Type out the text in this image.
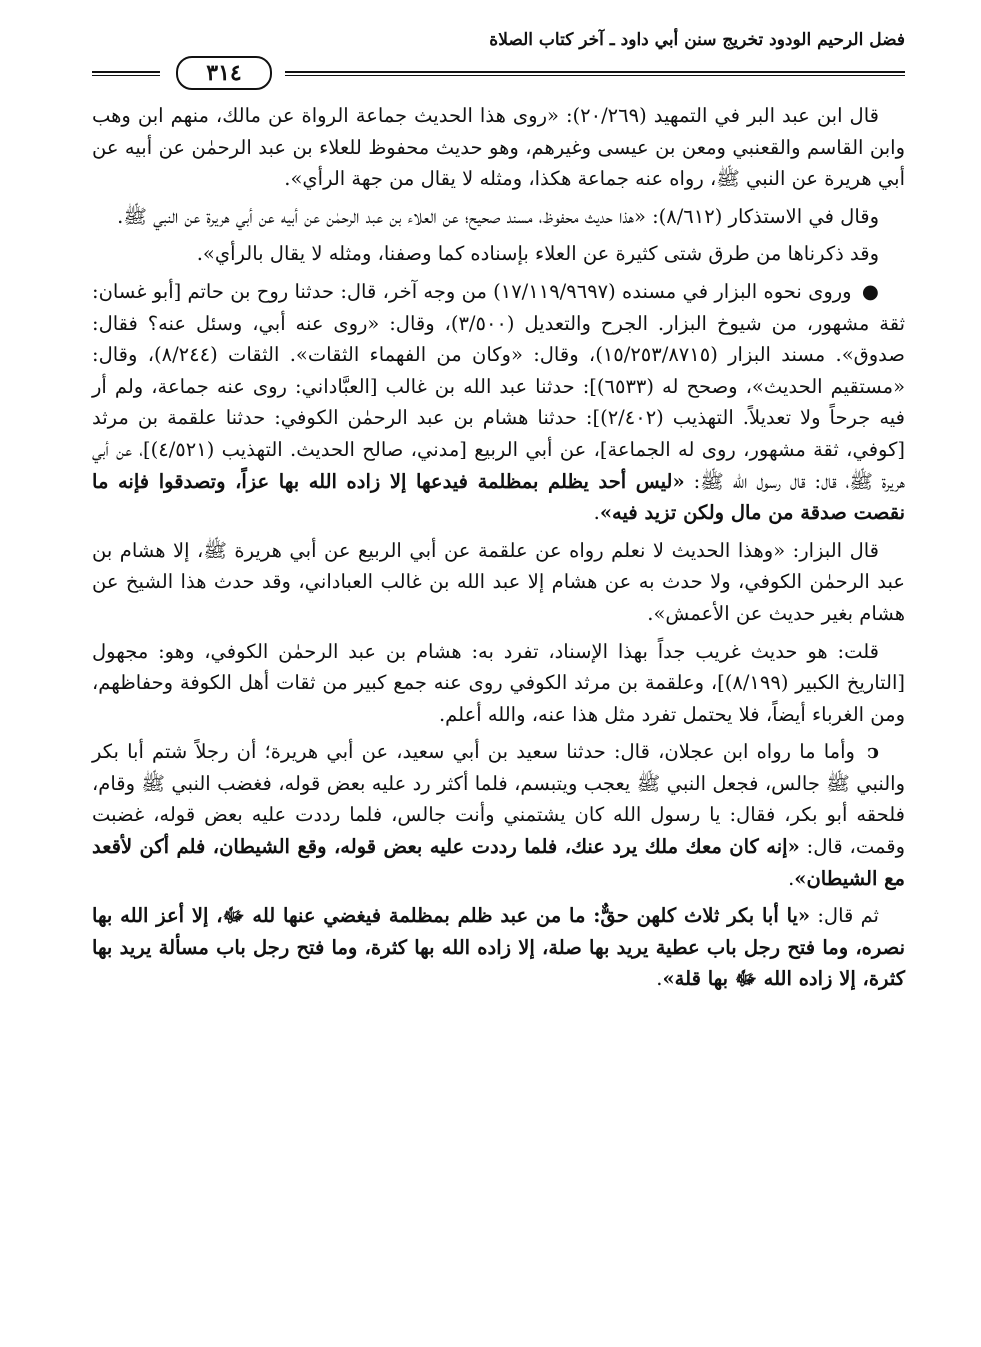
فضل الرحيم الودود تخريج سنن أبي داود ـ آخر كتاب الصلاة
٣١٤

قال ابن عبد البر في التمهيد (٢٠/٢٦٩): «روى هذا الحديث جماعة الرواة عن مالك، منهم ابن وهب وابن القاسم والقعنبي ومعن بن عيسى وغيرهم، وهو حديث محفوظ للعلاء بن عبد الرحمٰن عن أبيه عن أبي هريرة عن النبي ﷺ، رواه عنه جماعة هكذا، ومثله لا يقال من جهة الرأي».

وقال في الاستذكار (٨/٦١٢): «هذا حديث محفوظ، مسند صحيح؛ عن العلاء بن عبد الرحمٰن عن أبيه عن أبي هريرة عن النبي ﷺ.

وقد ذكرناها من طرق شتى كثيرة عن العلاء بإسناده كما وصفنا، ومثله لا يقال بالرأي».

● وروى نحوه البزار في مسنده (١٧/١١٩/٩٦٩٧) من وجه آخر، قال: حدثنا روح بن حاتم [أبو غسان: ثقة مشهور، من شيوخ البزار. الجرح والتعديل (٣/٥٠٠)، وقال: «روى عنه أبي، وسئل عنه؟ فقال: صدوق». مسند البزار (١٥/٢٥٣/٨٧١٥)، وقال: «وكان من الفهماء الثقات». الثقات (٨/٢٤٤)، وقال: «مستقيم الحديث»، وصحح له (٦٥٣٣)]: حدثنا عبد الله بن غالب [العبَّاداني: روى عنه جماعة، ولم أر فيه جرحاً ولا تعديلاً. التهذيب (٢/٤٠٢)]: حدثنا هشام بن عبد الرحمٰن الكوفي: حدثنا علقمة بن مرثد [كوفي، ثقة مشهور، روى له الجماعة]، عن أبي الربيع [مدني، صالح الحديث. التهذيب (٤/٥٢١)]، عن أبي هريرة ﷺ، قال: قال رسول الله ﷺ: «ليس أحد يظلم بمظلمة فيدعها إلا زاده الله بها عزاً، وتصدقوا فإنه ما نقصت صدقة من مال ولكن تزيد فيه».

قال البزار: «وهذا الحديث لا نعلم رواه عن علقمة عن أبي الربيع عن أبي هريرة ﷺ، إلا هشام بن عبد الرحمٰن الكوفي، ولا حدث به عن هشام إلا عبد الله بن غالب العباداني، وقد حدث هذا الشيخ عن هشام بغير حديث عن الأعمش».

قلت: هو حديث غريب جداً بهذا الإسناد، تفرد به: هشام بن عبد الرحمٰن الكوفي، وهو: مجهول [التاريخ الكبير (٨/١٩٩)]، وعلقمة بن مرثد الكوفي روى عنه جمع كبير من ثقات أهل الكوفة وحفاظهم، ومن الغرباء أيضاً، فلا يحتمل تفرد مثل هذا عنه، والله أعلم.

ↄ وأما ما رواه ابن عجلان، قال: حدثنا سعيد بن أبي سعيد، عن أبي هريرة؛ أن رجلاً شتم أبا بكر والنبي ﷺ جالس، فجعل النبي ﷺ يعجب ويتبسم، فلما أكثر رد عليه بعض قوله، فغضب النبي ﷺ وقام، فلحقه أبو بكر، فقال: يا رسول الله كان يشتمني وأنت جالس، فلما رددت عليه بعض قوله، غضبت وقمت، قال: «إنه كان معك ملك يرد عنك، فلما رددت عليه بعض قوله، وقع الشيطان، فلم أكن لأقعد مع الشيطان».

ثم قال: «يا أبا بكر ثلاث كلهن حقٌّ: ما من عبد ظلم بمظلمة فيغضي عنها لله ﷻ، إلا أعز الله بها نصره، وما فتح رجل باب عطية يريد بها صلة، إلا زاده الله بها كثرة، وما فتح رجل باب مسألة يريد بها كثرة، إلا زاده الله ﷻ بها قلة».
